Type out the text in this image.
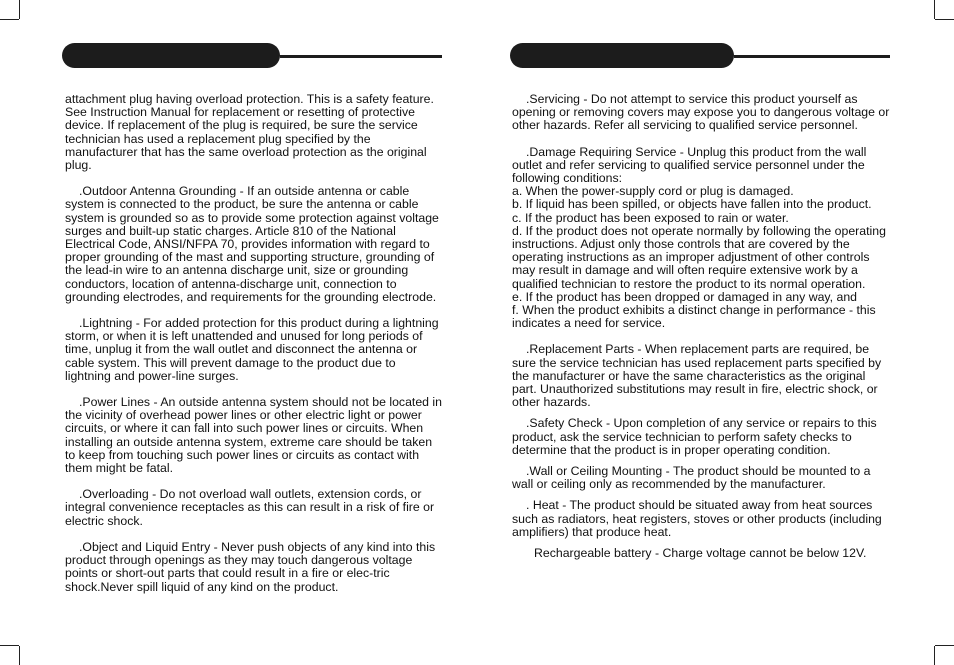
attachment plug having overload protection. This is a safety feature. See Instruction Manual for replacement or resetting of protective device. If replacement of the plug is required, be sure the service technician has used a replacement plug specified by the manufacturer that has the same overload protection as the original plug.

.Outdoor Antenna Grounding - If an outside antenna or cable system is connected to the product, be sure the antenna or cable system is grounded so as to provide some protection against voltage surges and built-up static charges. Article 810 of the National Electrical Code, ANSI/NFPA 70, provides information with regard to proper grounding of the mast and supporting structure, grounding of the lead-in wire to an antenna discharge unit, size or grounding conductors, location of antenna-discharge unit, connection to grounding electrodes, and requirements for the grounding electrode.

.Lightning - For added protection for this product during a lightning storm, or when it is left unattended and unused for long periods of time, unplug it from the wall outlet and disconnect the antenna or cable system. This will prevent damage to the product due to lightning and power-line surges.

.Power Lines - An outside antenna system should not be located in the vicinity of overhead power lines or other electric light or power circuits, or where it can fall into such power lines or circuits. When installing an outside antenna system, extreme care should be taken to keep from touching such power lines or circuits as contact with them might be fatal.

.Overloading - Do not overload wall outlets, extension cords, or integral convenience receptacles as this can result in a risk of fire or electric shock.

.Object and Liquid Entry - Never push objects of any kind into this product through openings as they may touch dangerous voltage points or short-out parts that could result in a fire or elec-tric shock.Never spill liquid of any kind on the product.

.Servicing - Do not attempt to service this product yourself as opening or removing covers may expose you to dangerous voltage or other hazards. Refer all servicing to qualified service personnel.

.Damage Requiring Service - Unplug this product from the wall outlet and refer servicing to qualified service personnel under the following conditions:

a. When the power-supply cord or plug is damaged.

b. If liquid has been spilled, or objects have fallen into the product.

c. If the product has been exposed to rain or water.

d. If the product does not operate normally by following the operating instructions. Adjust only those controls that are covered by the operating instructions as an improper adjustment of other controls may result in damage and will often require extensive work by a qualified technician to restore the product to its normal operation.

e. If the product has been dropped or damaged in any way, and

f. When the product exhibits a distinct change in performance - this indicates a need for service.

.Replacement Parts - When replacement parts are required, be sure the service technician has used replacement parts specified by the manufacturer or have the same characteristics as the original part. Unauthorized substitutions may result in fire, electric shock, or other hazards.

.Safety Check - Upon completion of any service or repairs to this product, ask the service technician to perform safety checks to determine that the product is in proper operating condition.

.Wall or Ceiling Mounting - The product should be mounted to a wall or ceiling only as recommended by the manufacturer.

. Heat - The product should be situated away from heat sources such as radiators, heat registers, stoves or other products (including amplifiers) that produce heat.

Rechargeable battery - Charge voltage cannot be below 12V.
